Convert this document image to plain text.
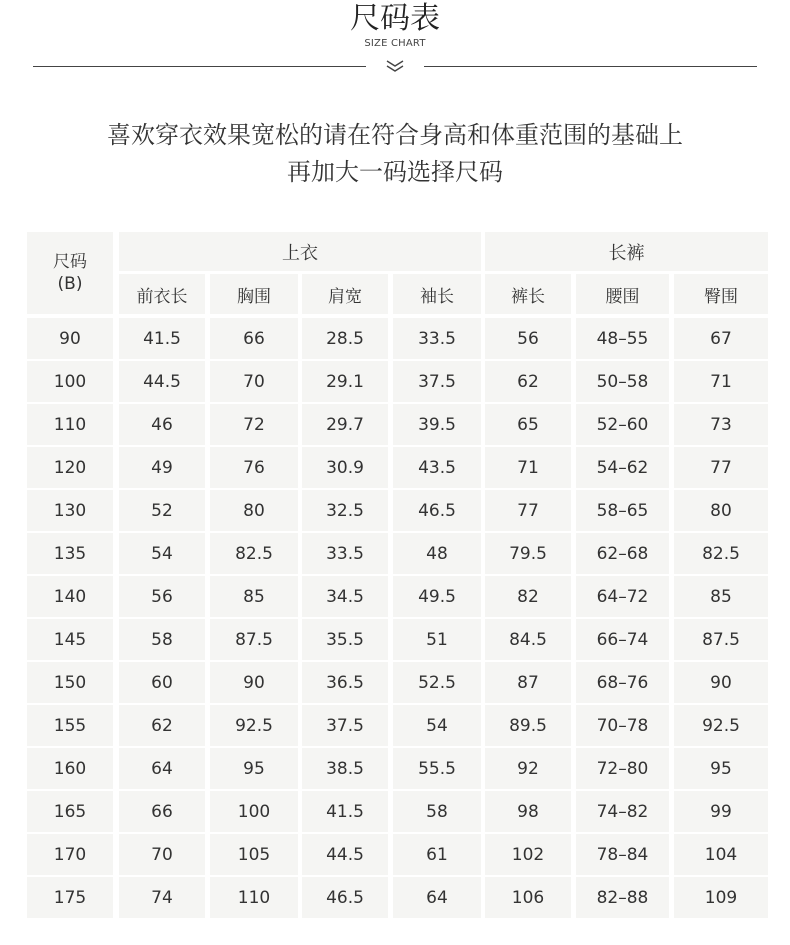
尺码表
SIZE CHART
喜欢穿衣效果宽松的请在符合身高和体重范围的基础上
再加大一码选择尺码
尺码
(B)
上衣	长裤
前衣长	胸围	肩宽	袖长	裤长	腰围	臀围
90	41.5	66	28.5	33.5	56	48–55	67
100	44.5	70	29.1	37.5	62	50–58	71
110	46	72	29.7	39.5	65	52–60	73
120	49	76	30.9	43.5	71	54–62	77
130	52	80	32.5	46.5	77	58–65	80
135	54	82.5	33.5	48	79.5	62–68	82.5
140	56	85	34.5	49.5	82	64–72	85
145	58	87.5	35.5	51	84.5	66–74	87.5
150	60	90	36.5	52.5	87	68–76	90
155	62	92.5	37.5	54	89.5	70–78	92.5
160	64	95	38.5	55.5	92	72–80	95
165	66	100	41.5	58	98	74–82	99
170	70	105	44.5	61	102	78–84	104
175	74	110	46.5	64	106	82–88	109
